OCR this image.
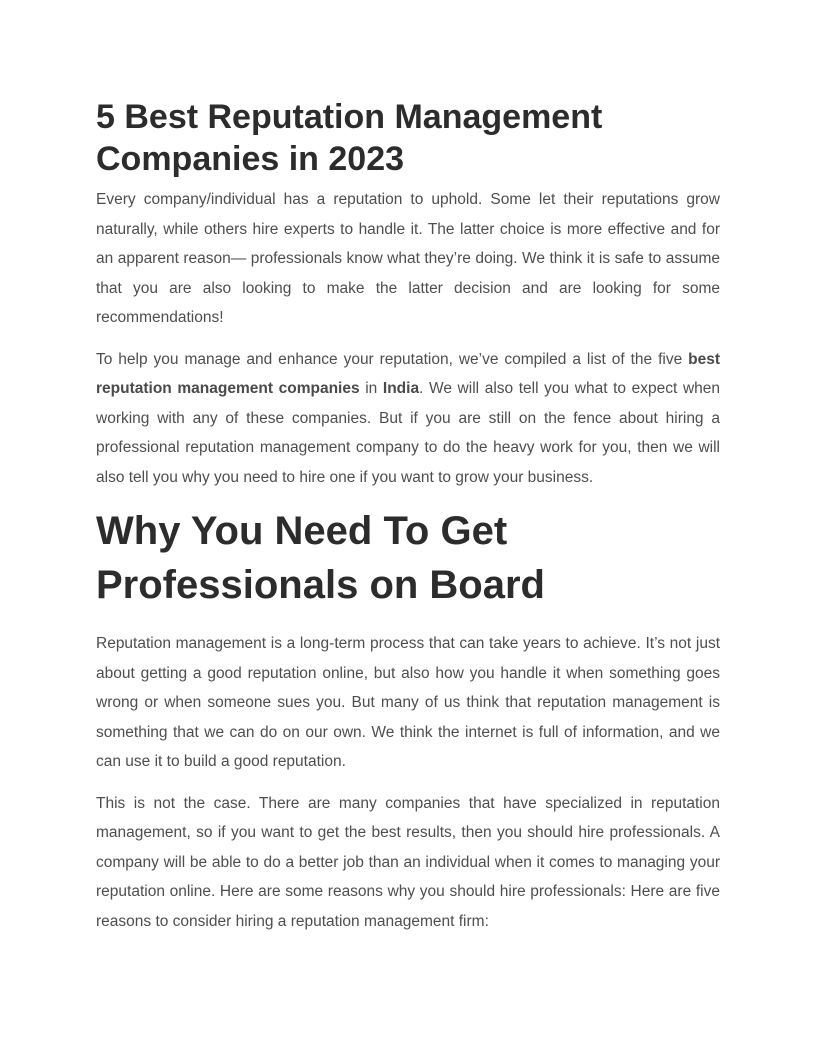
5 Best Reputation Management Companies in 2023

Every company/individual has a reputation to uphold. Some let their reputations grow naturally, while others hire experts to handle it. The latter choice is more effective and for an apparent reason— professionals know what they’re doing. We think it is safe to assume that you are also looking to make the latter decision and are looking for some recommendations!

To help you manage and enhance your reputation, we’ve compiled a list of the five best reputation management companies in India. We will also tell you what to expect when working with any of these companies. But if you are still on the fence about hiring a professional reputation management company to do the heavy work for you, then we will also tell you why you need to hire one if you want to grow your business.

Why You Need To Get Professionals on Board

Reputation management is a long-term process that can take years to achieve. It’s not just about getting a good reputation online, but also how you handle it when something goes wrong or when someone sues you. But many of us think that reputation management is something that we can do on our own. We think the internet is full of information, and we can use it to build a good reputation.

This is not the case. There are many companies that have specialized in reputation management, so if you want to get the best results, then you should hire professionals. A company will be able to do a better job than an individual when it comes to managing your reputation online. Here are some reasons why you should hire professionals: Here are five reasons to consider hiring a reputation management firm:
